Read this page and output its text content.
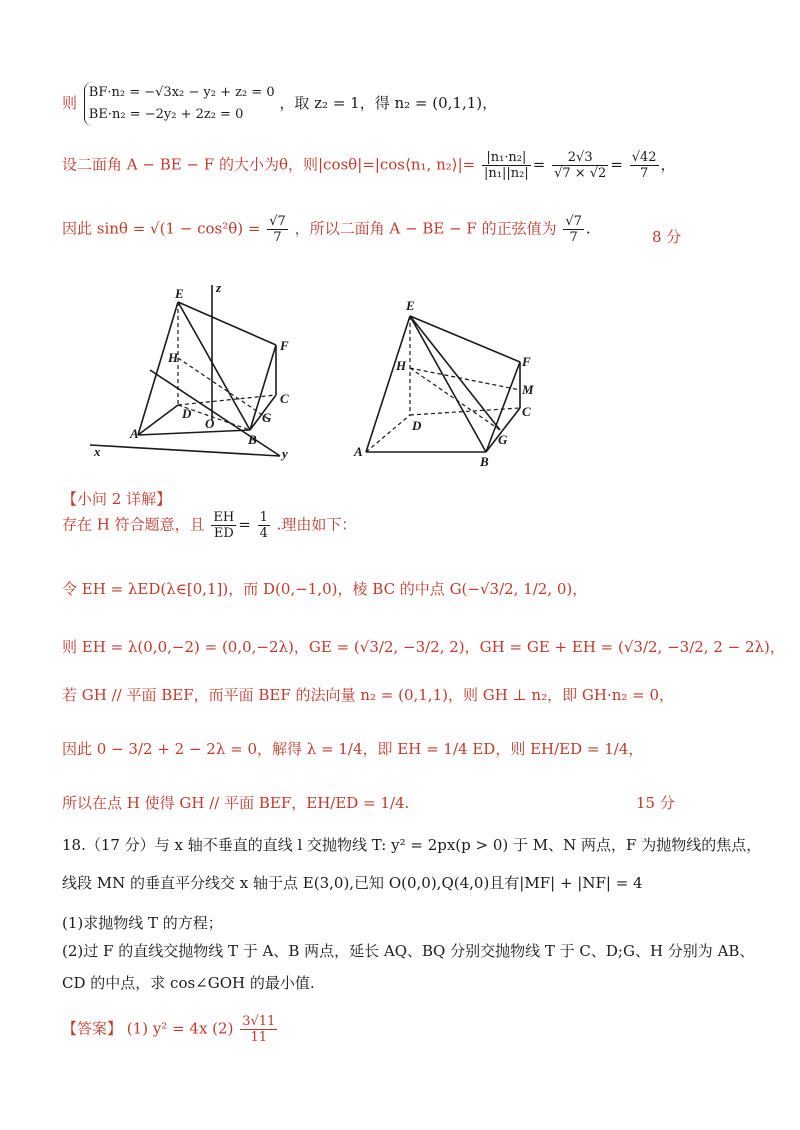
则
BF·n₂ = −√3x₂ − y₂ + z₂ = 0
BE·n₂ = −2y₂ + 2z₂ = 0
，取 z₂ = 1，得 n₂ = (0,1,1)，
设二面角 A − BE − F 的大小为θ，则|cosθ|=|cos⟨n₁, n₂⟩|= $\frac{\text{|n₁·n₂|}}{\text{|n₁||n₂|}} = \frac{2√3}{√7 \times √2} = \frac{√42}{7}$ ，
因此 $\sin\theta = √(1 - \cos^2\theta) = \frac{√7}{7}$ ，所以二面角 A − BE − F 的正弦值为 $\frac{√7}{7}$ .	8 分
E z
H
F
C
D
O	G
A	B
x	y
E
H	F
M
C
D
G
A
B
【小问 2 详解】
存在 H 符合题意，且 $\frac{EH}{ED} = \frac{1}{4}$ .理由如下：
令 EH = λED(λ∈[0,1])，而 D(0,−1,0)，棱 BC 的中点 G(−√3/2, 1/2, 0)，
则 EH = λ(0,0,−2) = (0,0,−2λ)，GE = (√3/2, −3/2, 2)，GH = GE + EH = (√3/2, −3/2, 2 − 2λ)，
若 GH // 平面 BEF，而平面 BEF 的法向量 n₂ = (0,1,1)，则 GH ⊥ n₂，即 GH·n₂ = 0，
因此 0 − 3/2 + 2 − 2λ = 0，解得 λ = 1/4，即 EH = 1/4 ED，则 EH/ED = 1/4，
所以在点 H 使得 GH // 平面 BEF，EH/ED = 1/4.	15 分
18.（17 分）与 x 轴不垂直的直线 l 交抛物线 T: y² = 2px(p > 0) 于 M、N 两点，F 为抛物线的焦点，
线段 MN 的垂直平分线交 x 轴于点 E(3,0),已知 O(0,0),Q(4,0)且有|MF| + |NF| = 4
(1)求抛物线 T 的方程；
(2)过 F 的直线交抛物线 T 于 A、B 两点，延长 AQ、BQ 分别交抛物线 T 于 C、D;G、H 分别为 AB、
CD 的中点，求 cos∠GOH 的最小值.
【答案】 (1) y² = 4x $(2) \frac{3√11}{11}$
